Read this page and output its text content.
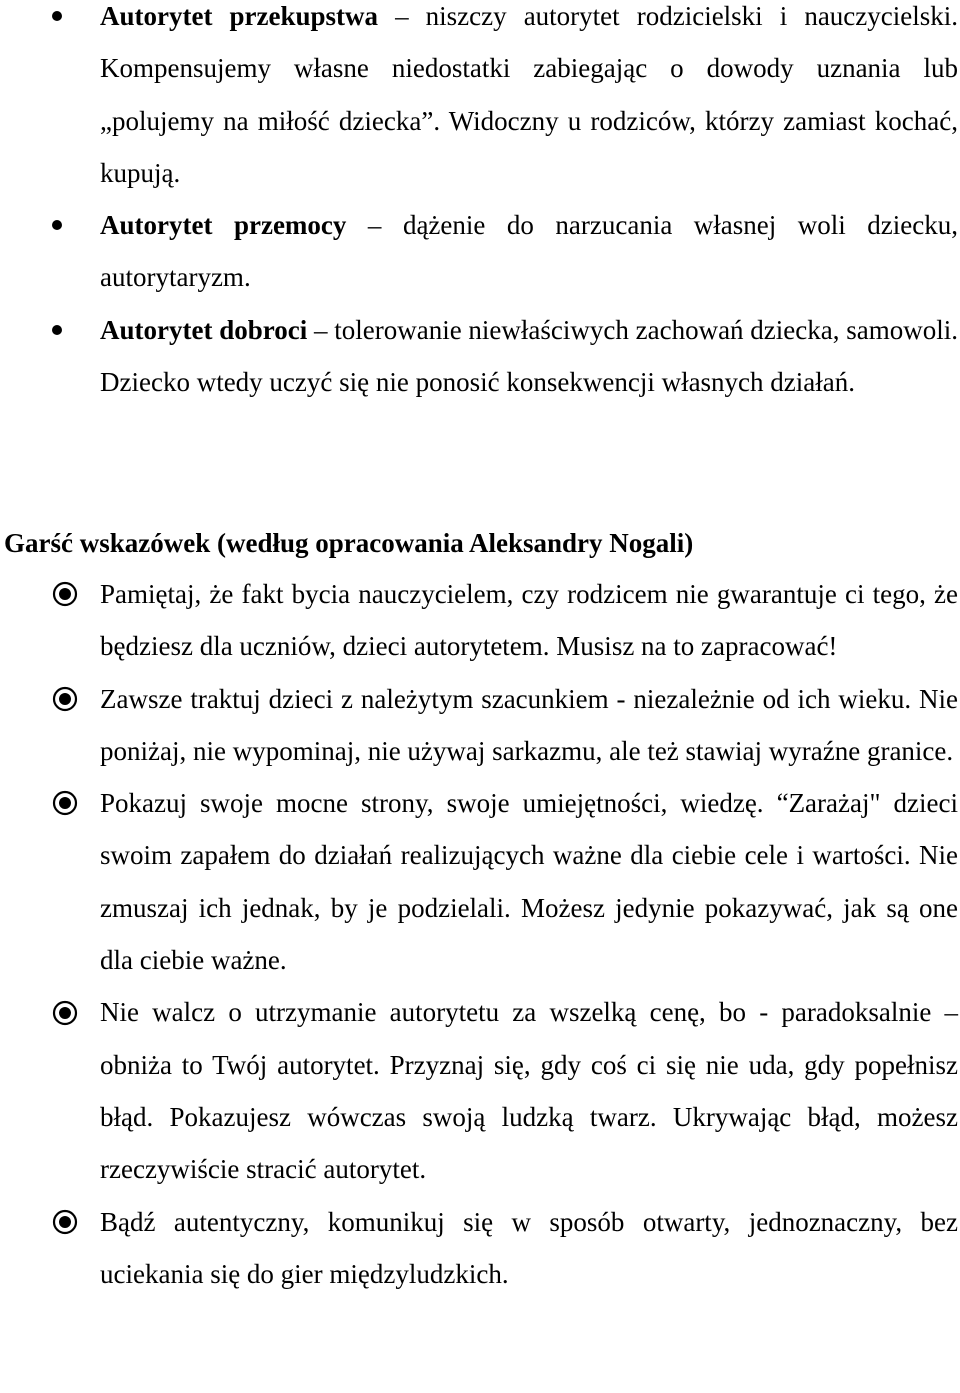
Autorytet przekupstwa – niszczy autorytet rodzicielski i nauczycielski. Kompensujemy własne niedostatki zabiegając o dowody uznania lub „polujemy na miłość dziecka”. Widoczny u rodziców, którzy zamiast kochać, kupują.
Autorytet przemocy – dążenie do narzucania własnej woli dziecku, autorytaryzm.
Autorytet dobroci – tolerowanie niewłaściwych zachowań dziecka, samowoli. Dziecko wtedy uczyć się nie ponosić konsekwencji własnych działań.
Garść wskazówek (według opracowania Aleksandry Nogali)
Pamiętaj, że fakt bycia nauczycielem, czy rodzicem nie gwarantuje ci tego, że będziesz dla uczniów, dzieci autorytetem. Musisz na to zapracować!
Zawsze traktuj dzieci z należytym szacunkiem - niezależnie od ich wieku. Nie poniżaj, nie wypominaj, nie używaj sarkazmu, ale też stawiaj wyraźne granice.
Pokazuj swoje mocne strony, swoje umiejętności, wiedzę. “Zarażaj" dzieci swoim zapałem do działań realizujących ważne dla ciebie cele i wartości. Nie zmuszaj ich jednak, by je podzielali. Możesz jedynie pokazywać, jak są one dla ciebie ważne.
Nie walcz o utrzymanie autorytetu za wszelką cenę, bo - paradoksalnie – obniża to Twój autorytet. Przyznaj się, gdy coś ci się nie uda, gdy popełnisz błąd. Pokazujesz wówczas swoją ludzką twarz. Ukrywając błąd, możesz rzeczywiście stracić autorytet.
Bądź autentyczny, komunikuj się w sposób otwarty, jednoznaczny, bez uciekania się do gier międzyludzkich.
